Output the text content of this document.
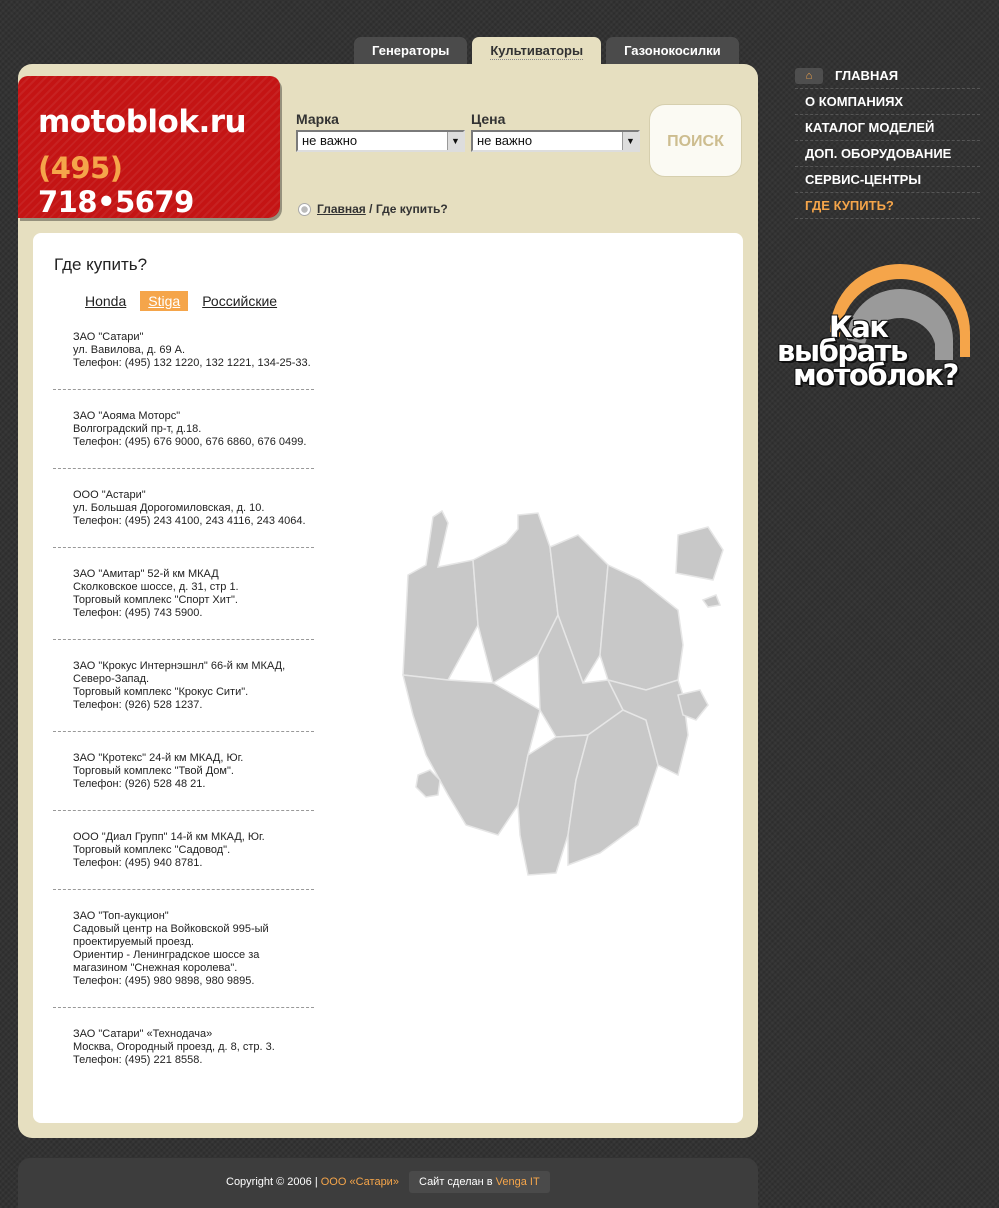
Генераторы	Культиваторы	Газонокосилки
motoblok.ru
(495) 718•5679
Марка
не важно	▼
Цена
не важно	▼	ПОИСК
Главная / Где купить?
Где купить?
Honda	Stiga	Российские
ЗАО "Сатари"
ул. Вавилова, д. 69 А.
Телефон: (495) 132 1220, 132 1221, 134-25-33.
ЗАО "Аояма Моторс"
Волгоградский пр-т, д.18.
Телефон: (495) 676 9000, 676 6860, 676 0499.
ООО "Астари"
ул. Большая Дорогомиловская, д. 10.
Телефон: (495) 243 4100, 243 4116, 243 4064.
ЗАО "Амитар" 52-й км МКАД
Сколковское шоссе, д. 31, стр 1.
Торговый комплекс "Спорт Хит".
Телефон: (495) 743 5900.
ЗАО "Крокус Интернэшнл" 66-й км МКАД,
Северо-Запад.
Торговый комплекс "Крокус Сити".
Телефон: (926) 528 1237.
ЗАО "Кротекс" 24-й км МКАД, Юг.
Торговый комплекс "Твой Дом".
Телефон: (926) 528 48 21.
ООО "Диал Групп" 14-й км МКАД, Юг.
Торговый комплекс "Садовод".
Телефон: (495) 940 8781.
ЗАО "Топ-аукцион"
Садовый центр на Войковской 995-ый
проектируемый проезд.
Ориентир - Ленинградское шоссе за
магазином "Снежная королева".
Телефон: (495) 980 9898, 980 9895.
ЗАО "Сатари" «Технодача»
Москва, Огородный проезд, д. 8, стр. 3.
Телефон: (495) 221 8558.
⌂	ГЛАВНАЯ
О КОМПАНИЯХ
КАТАЛОГ МОДЕЛЕЙ
ДОП. ОБОРУДОВАНИЕ
СЕРВИС-ЦЕНТРЫ
ГДЕ КУПИТЬ?
Как
выбрать
мотоблок?
Copyright © 2006 | ООО «Сатари»	Сайт сделан в Venga IT
